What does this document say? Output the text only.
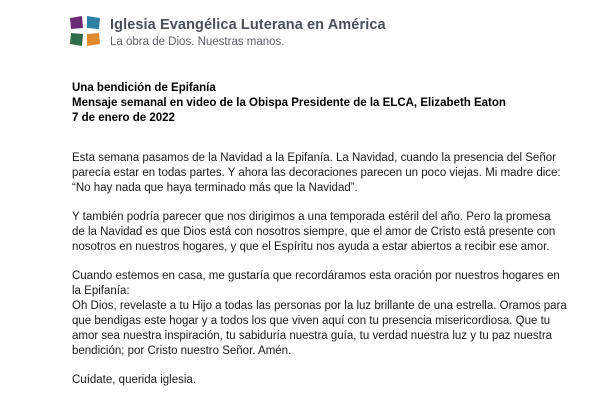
Iglesia Evangélica Luterana en América
La obra de Dios. Nuestras manos.
Una bendición de Epifanía
Mensaje semanal en video de la Obispa Presidente de la ELCA, Elizabeth Eaton
7 de enero de 2022

Esta semana pasamos de la Navidad a la Epifanía. La Navidad, cuando la presencia del Señor
parecía estar en todas partes. Y ahora las decoraciones parecen un poco viejas. Mi madre dice:
“No hay nada que haya terminado más que la Navidad”.

Y también podría parecer que nos dirigimos a una temporada estéril del año. Pero la promesa
de la Navidad es que Dios está con nosotros siempre, que el amor de Cristo está presente con
nosotros en nuestros hogares, y que el Espíritu nos ayuda a estar abiertos a recibir ese amor.

Cuando estemos en casa, me gustaría que recordáramos esta oración por nuestros hogares en
la Epifanía:
Oh Dios, revelaste a tu Hijo a todas las personas por la luz brillante de una estrella. Oramos para
que bendigas este hogar y a todos los que viven aquí con tu presencia misericordiosa. Que tu
amor sea nuestra inspiración, tu sabiduría nuestra guía, tu verdad nuestra luz y tu paz nuestra
bendición; por Cristo nuestro Señor. Amén.

Cuídate, querida iglesia.
